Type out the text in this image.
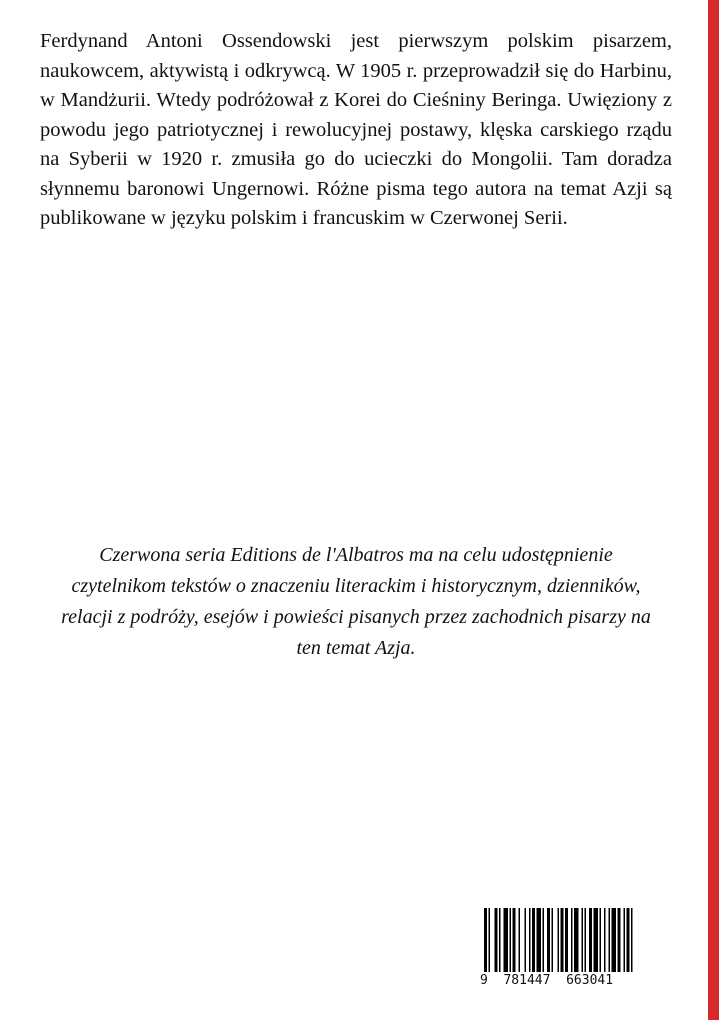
Ferdynand Antoni Ossendowski jest pierwszym polskim pisarzem, naukowcem, aktywistą i odkrywcą. W 1905 r. przeprowadził się do Harbinu, w Mandżurii. Wtedy podróżował z Korei do Cieśniny Beringa. Uwięziony z powodu jego patriotycznej i rewolucyjnej postawy, klęska carskiego rządu na Syberii w 1920 r. zmusiła go do ucieczki do Mongolii. Tam doradza słynnemu baronowi Ungernowi. Różne pisma tego autora na temat Azji są publikowane w języku polskim i francuskim w Czerwonej Serii.

Czerwona seria Editions de l'Albatros ma na celu udostępnienie czytelnikom tekstów o znaczeniu literackim i historycznym, dzienników, relacji z podróży, esejów i powieści pisanych przez zachodnich pisarzy na ten temat Azja.

9  781447  663041
